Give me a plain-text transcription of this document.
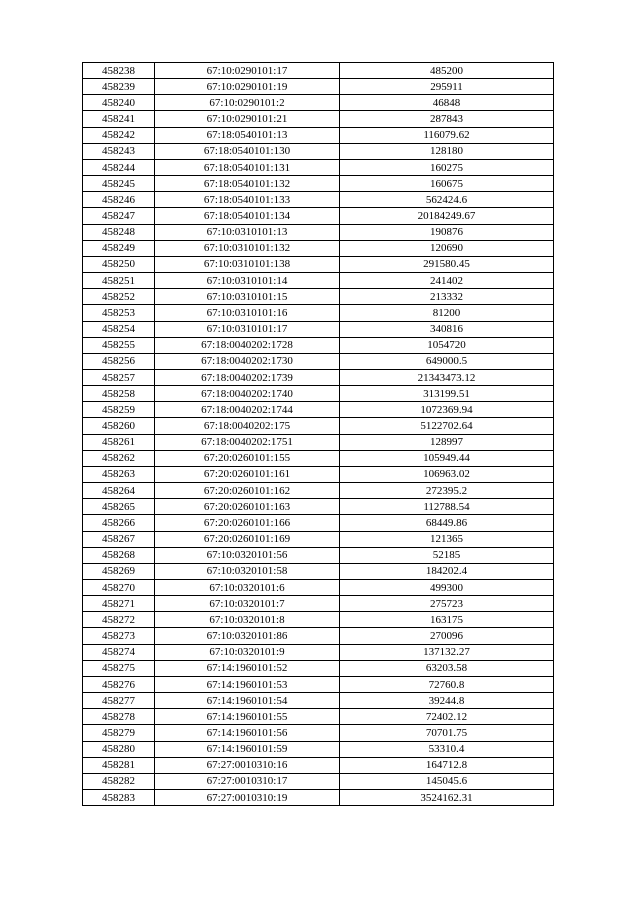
458238	67:10:0290101:17	485200
458239	67:10:0290101:19	295911
458240	67:10:0290101:2	46848
458241	67:10:0290101:21	287843
458242	67:18:0540101:13	116079.62
458243	67:18:0540101:130	128180
458244	67:18:0540101:131	160275
458245	67:18:0540101:132	160675
458246	67:18:0540101:133	562424.6
458247	67:18:0540101:134	20184249.67
458248	67:10:0310101:13	190876
458249	67:10:0310101:132	120690
458250	67:10:0310101:138	291580.45
458251	67:10:0310101:14	241402
458252	67:10:0310101:15	213332
458253	67:10:0310101:16	81200
458254	67:10:0310101:17	340816
458255	67:18:0040202:1728	1054720
458256	67:18:0040202:1730	649000.5
458257	67:18:0040202:1739	21343473.12
458258	67:18:0040202:1740	313199.51
458259	67:18:0040202:1744	1072369.94
458260	67:18:0040202:175	5122702.64
458261	67:18:0040202:1751	128997
458262	67:20:0260101:155	105949.44
458263	67:20:0260101:161	106963.02
458264	67:20:0260101:162	272395.2
458265	67:20:0260101:163	112788.54
458266	67:20:0260101:166	68449.86
458267	67:20:0260101:169	121365
458268	67:10:0320101:56	52185
458269	67:10:0320101:58	184202.4
458270	67:10:0320101:6	499300
458271	67:10:0320101:7	275723
458272	67:10:0320101:8	163175
458273	67:10:0320101:86	270096
458274	67:10:0320101:9	137132.27
458275	67:14:1960101:52	63203.58
458276	67:14:1960101:53	72760.8
458277	67:14:1960101:54	39244.8
458278	67:14:1960101:55	72402.12
458279	67:14:1960101:56	70701.75
458280	67:14:1960101:59	53310.4
458281	67:27:0010310:16	164712.8
458282	67:27:0010310:17	145045.6
458283	67:27:0010310:19	3524162.31
